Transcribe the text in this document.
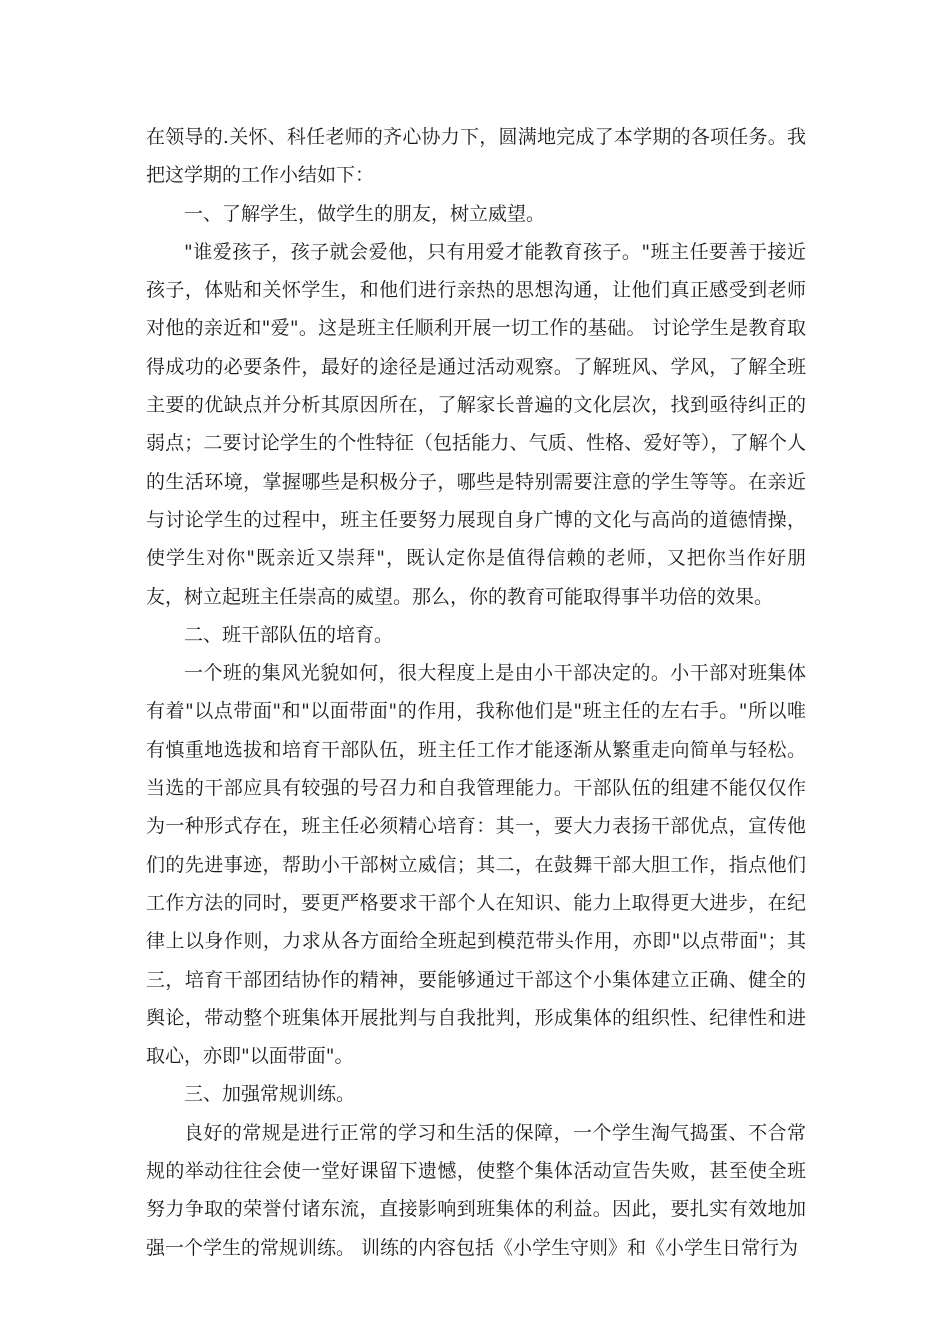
在领导的.关怀、科任老师的齐心协力下，圆满地完成了本学期的各项任务。我把这学期的工作小结如下：

一、了解学生，做学生的朋友，树立威望。

"谁爱孩子，孩子就会爱他，只有用爱才能教育孩子。"班主任要善于接近孩子，体贴和关怀学生，和他们进行亲热的思想沟通，让他们真正感受到老师对他的亲近和"爱"。这是班主任顺利开展一切工作的基础。 讨论学生是教育取得成功的必要条件，最好的途径是通过活动观察。了解班风、学风，了解全班主要的优缺点并分析其原因所在，了解家长普遍的文化层次，找到亟待纠正的弱点；二要讨论学生的个性特征（包括能力、气质、性格、爱好等），了解个人的生活环境，掌握哪些是积极分子，哪些是特别需要注意的学生等等。在亲近与讨论学生的过程中，班主任要努力展现自身广博的文化与高尚的道德情操，使学生对你"既亲近又崇拜"，既认定你是值得信赖的老师，又把你当作好朋友，树立起班主任崇高的威望。那么，你的教育可能取得事半功倍的效果。

二、班干部队伍的培育。

一个班的集风光貌如何，很大程度上是由小干部决定的。小干部对班集体有着"以点带面"和"以面带面"的作用，我称他们是"班主任的左右手。"所以唯有慎重地选拔和培育干部队伍，班主任工作才能逐渐从繁重走向简单与轻松。当选的干部应具有较强的号召力和自我管理能力。干部队伍的组建不能仅仅作为一种形式存在，班主任必须精心培育：其一，要大力表扬干部优点，宣传他们的先进事迹，帮助小干部树立威信；其二，在鼓舞干部大胆工作，指点他们工作方法的同时，要更严格要求干部个人在知识、能力上取得更大进步，在纪律上以身作则，力求从各方面给全班起到模范带头作用，亦即"以点带面"；其三，培育干部团结协作的精神，要能够通过干部这个小集体建立正确、健全的舆论，带动整个班集体开展批判与自我批判，形成集体的组织性、纪律性和进取心，亦即"以面带面"。

三、加强常规训练。

良好的常规是进行正常的学习和生活的保障，一个学生淘气捣蛋、不合常规的举动往往会使一堂好课留下遗憾，使整个集体活动宣告失败，甚至使全班努力争取的荣誉付诸东流，直接影响到班集体的利益。因此，要扎实有效地加强一个学生的常规训练。 训练的内容包括《小学生守则》和《小学生日常行为
